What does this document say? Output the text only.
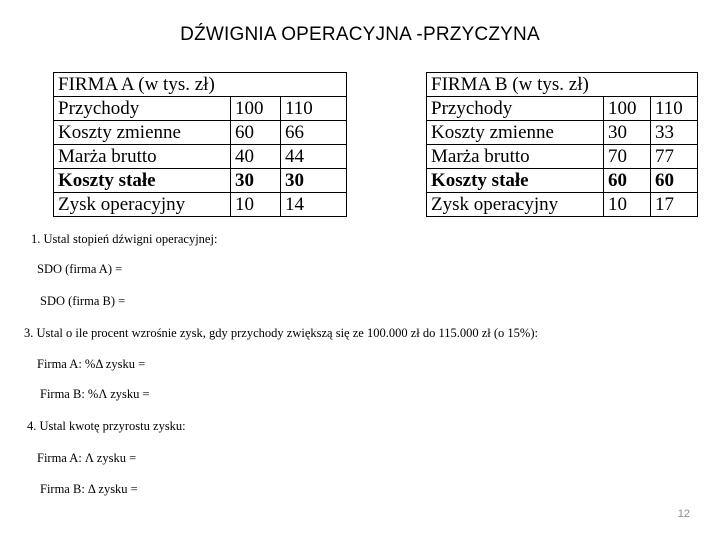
DŹWIGNIA OPERACYJNA -PRZYCZYNA
FIRMA A (w tys. zł)		
Przychody	100	110
Koszty zmienne	60	66
Marża brutto	40	44
Koszty stałe	30	30
Zysk operacyjny	10	14
FIRMA B (w tys. zł)		
Przychody	100	110
Koszty zmienne	30	33
Marża brutto	70	77
Koszty stałe	60	60
Zysk operacyjny	10	17
1. Ustal stopień dźwigni operacyjnej:
SDO (firma A) =
SDO (firma B) =
3. Ustal o ile procent wzrośnie zysk, gdy przychody zwiększą się ze 100.000 zł do 115.000 zł (o 15%):
Firma A: %Δ zysku =
Firma B: %Λ zysku =
4. Ustal kwotę przyrostu zysku:
Firma A: Λ zysku =
Firma B: Δ zysku =
12
